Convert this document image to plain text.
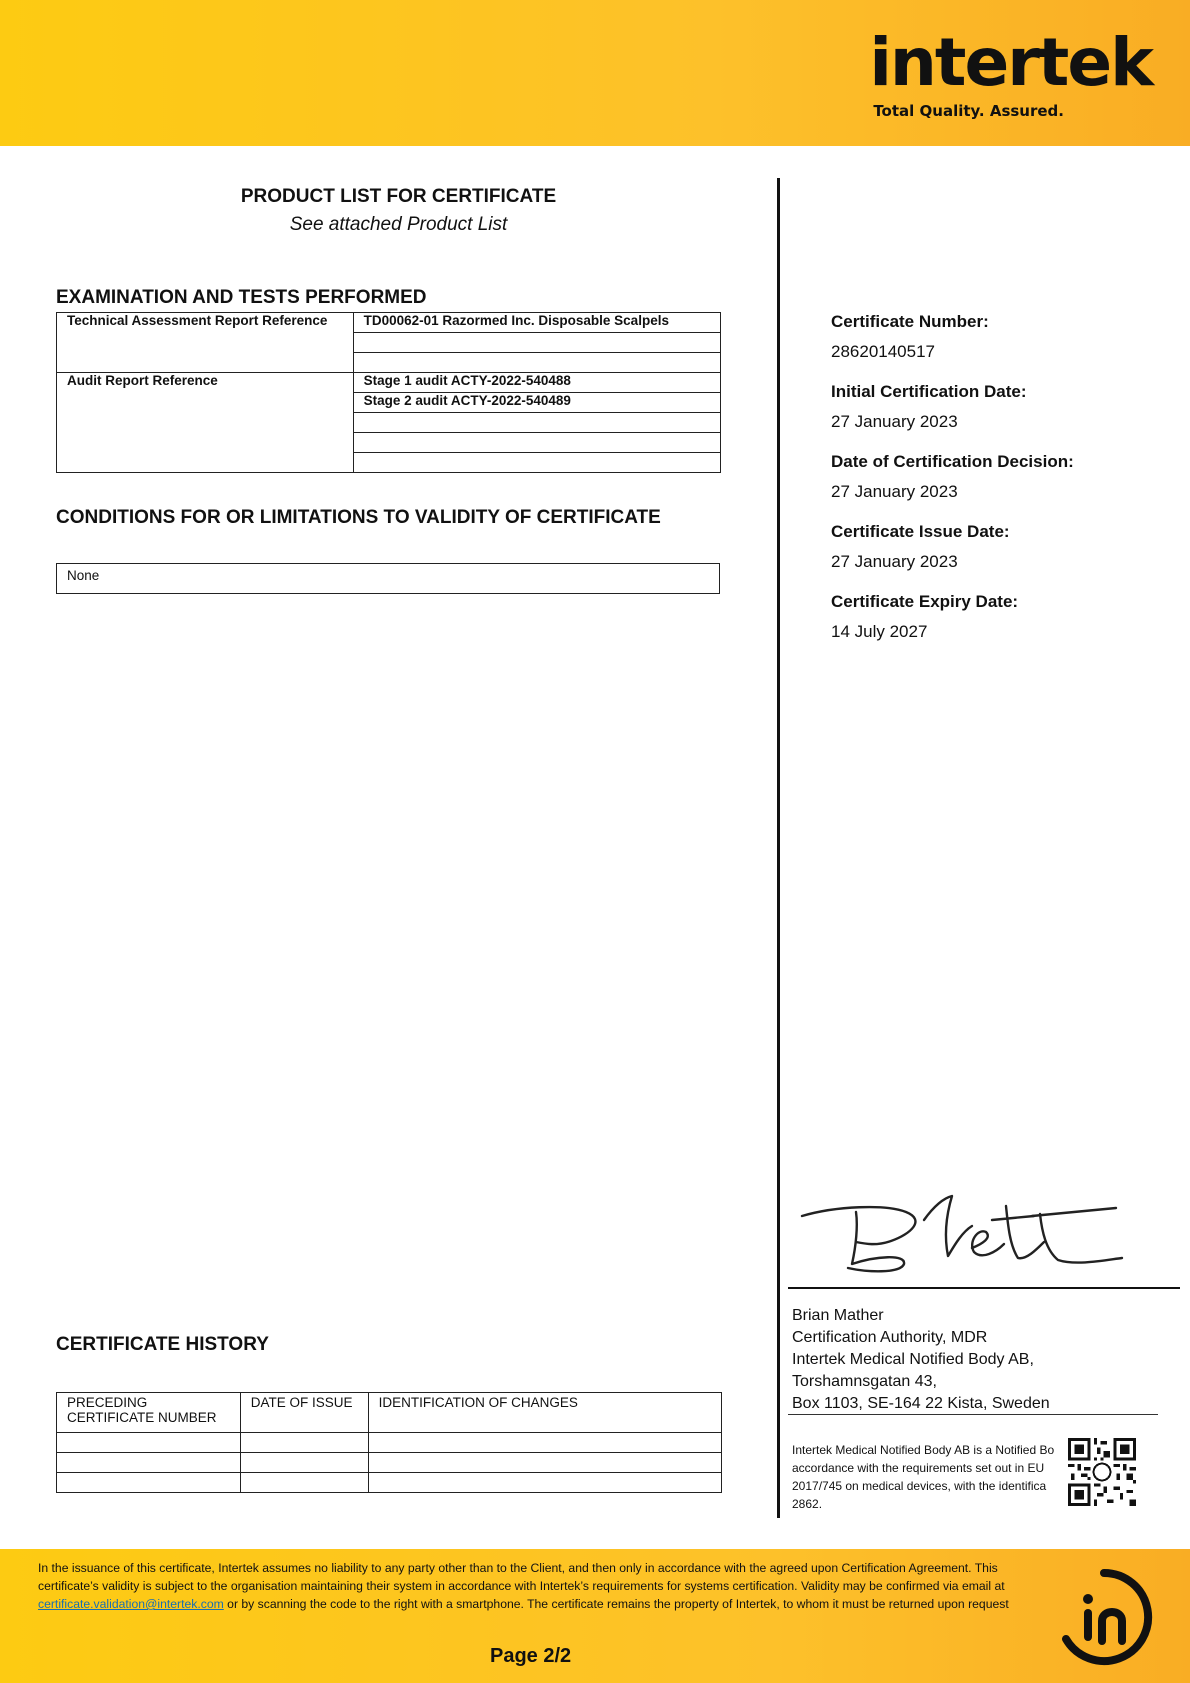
intertek
Total Quality. Assured.
PRODUCT LIST FOR CERTIFICATE
See attached Product List
EXAMINATION AND TESTS PERFORMED
Technical Assessment Report Reference	TD00062-01 Razormed Inc. Disposable Scalpels

Audit Report Reference	Stage 1 audit ACTY-2022-540488
	Stage 2 audit ACTY-2022-540489

CONDITIONS FOR OR LIMITATIONS TO VALIDITY OF CERTIFICATE
None
Certificate Number:
28620140517
Initial Certification Date:
27 January 2023
Date of Certification Decision:
27 January 2023
Certificate Issue Date:
27 January 2023
Certificate Expiry Date:
14 July 2027
Brian Mather
Certification Authority, MDR
Intertek Medical Notified Body AB,
Torshamnsgatan 43,
Box 1103, SE-164 22 Kista, Sweden
Intertek Medical Notified Body AB is a Notified Bo accordance with the requirements set out in EU 2017/745 on medical devices, with the identifica 2862.
CERTIFICATE HISTORY
PRECEDING CERTIFICATE NUMBER	DATE OF ISSUE	IDENTIFICATION OF CHANGES

In the issuance of this certificate, Intertek assumes no liability to any party other than to the Client, and then only in accordance with the agreed upon Certification Agreement. This certificate’s validity is subject to the organisation maintaining their system in accordance with Intertek’s requirements for systems certification. Validity may be confirmed via email at certificate.validation@intertek.com or by scanning the code to the right with a smartphone. The certificate remains the property of Intertek, to whom it must be returned upon request
Page 2/2
